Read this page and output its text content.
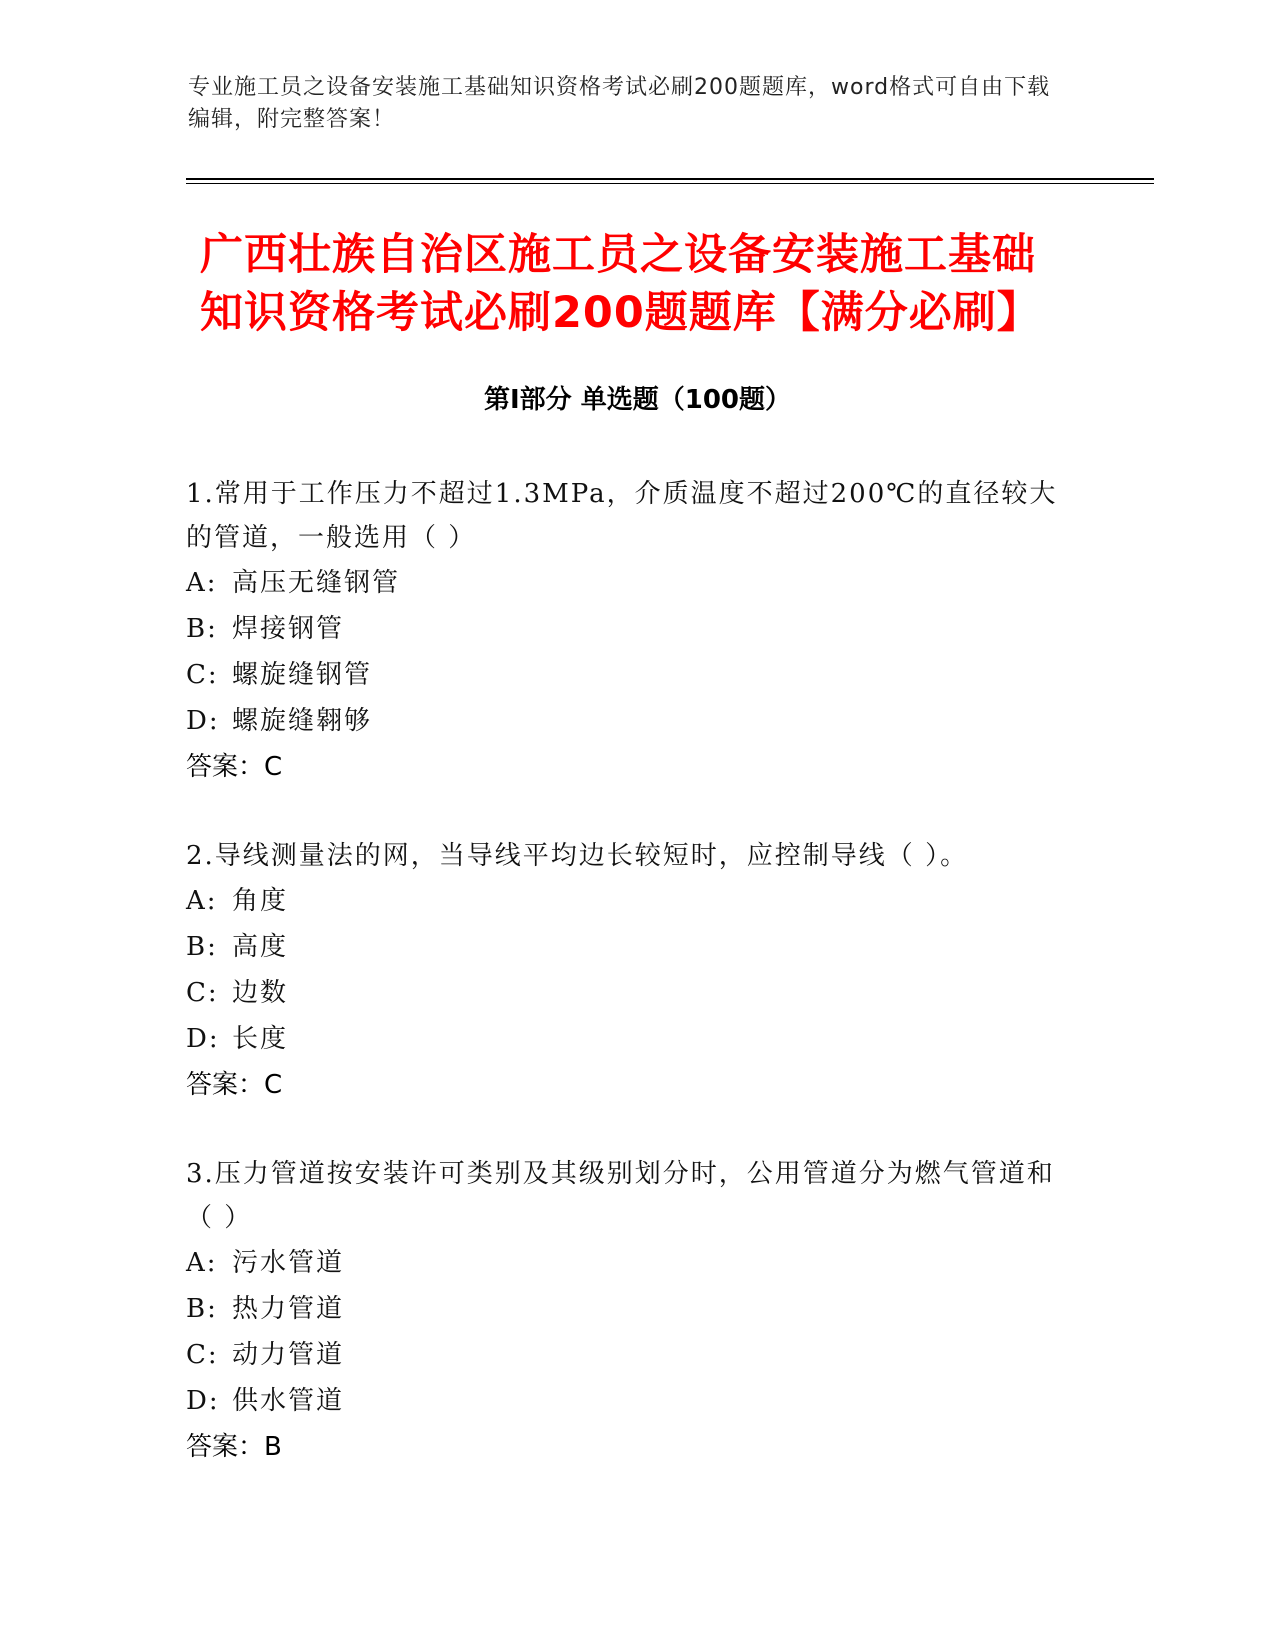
专业施工员之设备安装施工基础知识资格考试必刷200题题库，word格式可自由下载编辑，附完整答案！
广西壮族自治区施工员之设备安装施工基础
知识资格考试必刷200题题库【满分必刷】
第Ⅰ部分 单选题（100题）
1.常用于工作压力不超过1.3MPa，介质温度不超过200℃的直径较大的管道，一般选用（ ）
A: 高压无缝钢管
B: 焊接钢管
C: 螺旋缝钢管
D: 螺旋缝翱够
答案：C
2.导线测量法的网，当导线平均边长较短时，应控制导线（ ）。
A: 角度
B: 高度
C: 边数
D: 长度
答案：C
3.压力管道按安装许可类别及其级别划分时，公用管道分为燃气管道和（ ）
A: 污水管道
B: 热力管道
C: 动力管道
D: 供水管道
答案：B
